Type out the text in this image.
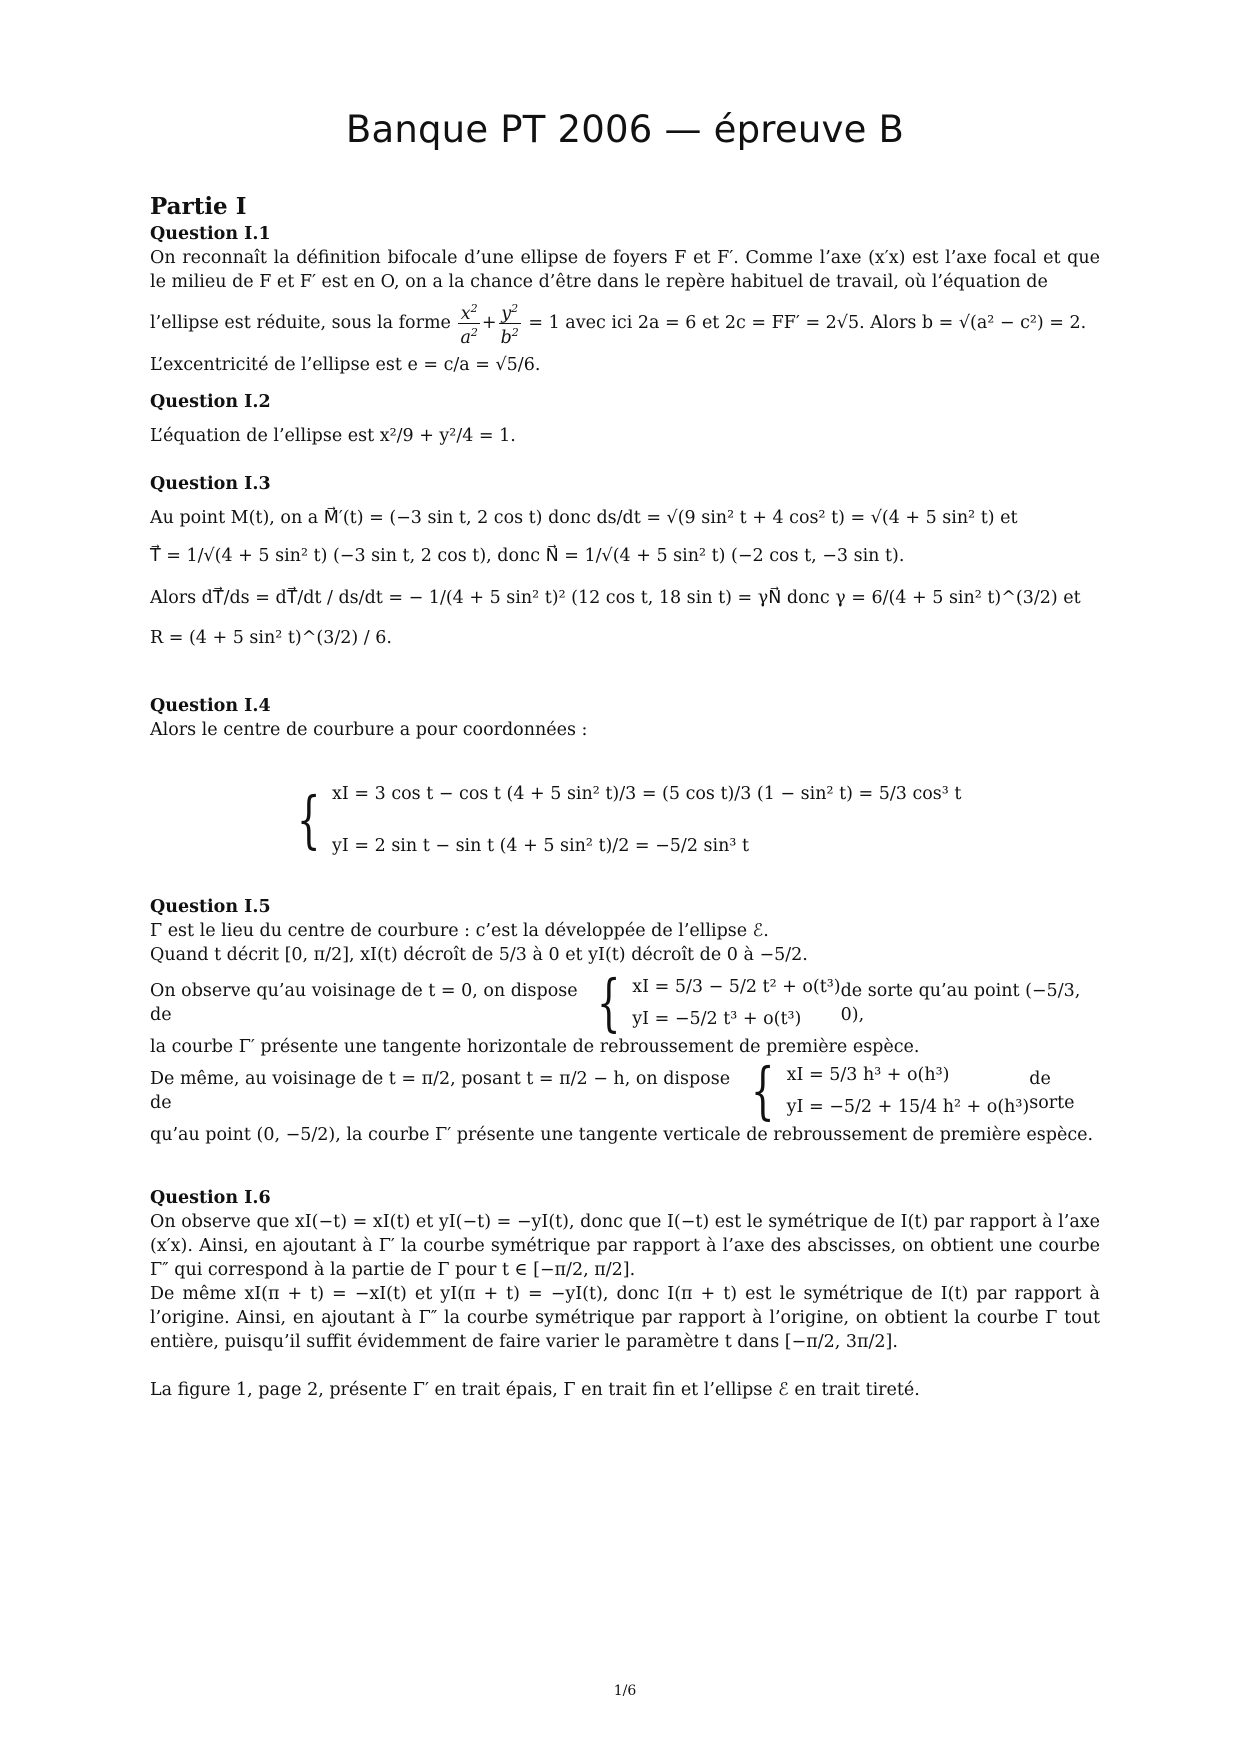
Banque PT 2006 — épreuve B
Partie I
Question I.1

On reconnaît la définition bifocale d’une ellipse de foyers F et F′. Comme l’axe (x′x) est l’axe focal et que le milieu de F et F′ est en O, on a la chance d’être dans le repère habituel de travail, où l’équation de

l’ellipse est réduite, sous la forme $\frac{x^2}{a^2} + \frac{y^2}{b^2} = 1$ avec ici 2a = 6 et 2c = FF′ = 2√5. Alors b = √(a² − c²) = 2.

L’excentricité de l’ellipse est e = c/a = √5/6.

Question I.2

L’équation de l’ellipse est x²/9 + y²/4 = 1.

Question I.3

Au point M(t), on a M⃗′(t) = (−3 sin t, 2 cos t) donc ds/dt = √(9 sin² t + 4 cos² t) = √(4 + 5 sin² t) et

T⃗ = 1/√(4 + 5 sin² t) (−3 sin t, 2 cos t), donc N⃗ = 1/√(4 + 5 sin² t) (−2 cos t, −3 sin t).

Alors dT⃗/ds = dT⃗/dt / ds/dt = − 1/(4 + 5 sin² t)² (12 cos t, 18 sin t) = γN⃗ donc γ = 6/(4 + 5 sin² t)^(3/2) et

R = (4 + 5 sin² t)^(3/2) / 6.

Question I.4

Alors le centre de courbure a pour coordonnées :

{ xI = 3 cos t − cos t (4 + 5 sin² t)/3 = (5 cos t)/3 (1 − sin² t) = 5/3 cos³ t
yI = 2 sin t − sin t (4 + 5 sin² t)/2 = −5/2 sin³ t
Question I.5

Γ est le lieu du centre de courbure : c’est la développée de l’ellipse ℰ.

Quand t décrit [0, π/2], xI(t) décroît de 5/3 à 0 et yI(t) décroît de 0 à −5/2.

On observe qu’au voisinage de t = 0, on dispose de	{ xI = 5/3 − 5/2 t² + o(t³)
yI = −5/2 t³ + o(t³)
de sorte qu’au point (−5/3, 0),

la courbe Γ′ présente une tangente horizontale de rebroussement de première espèce.

De même, au voisinage de t = π/2, posant t = π/2 − h, on dispose de	{ xI = 5/3 h³ + o(h³)
yI = −5/2 + 15/4 h² + o(h³)
de sorte

qu’au point (0, −5/2), la courbe Γ′ présente une tangente verticale de rebroussement de première espèce.

Question I.6

On observe que xI(−t) = xI(t) et yI(−t) = −yI(t), donc que I(−t) est le symétrique de I(t) par rapport à l’axe (x′x). Ainsi, en ajoutant à Γ′ la courbe symétrique par rapport à l’axe des abscisses, on obtient une courbe Γ″ qui correspond à la partie de Γ pour t ∈ [−π/2, π/2].

De même xI(π + t) = −xI(t) et yI(π + t) = −yI(t), donc I(π + t) est le symétrique de I(t) par rapport à l’origine. Ainsi, en ajoutant à Γ″ la courbe symétrique par rapport à l’origine, on obtient la courbe Γ tout entière, puisqu’il suffit évidemment de faire varier le paramètre t dans [−π/2, 3π/2].

La figure 1, page 2, présente Γ′ en trait épais, Γ en trait fin et l’ellipse ℰ en trait tireté.

1/6
